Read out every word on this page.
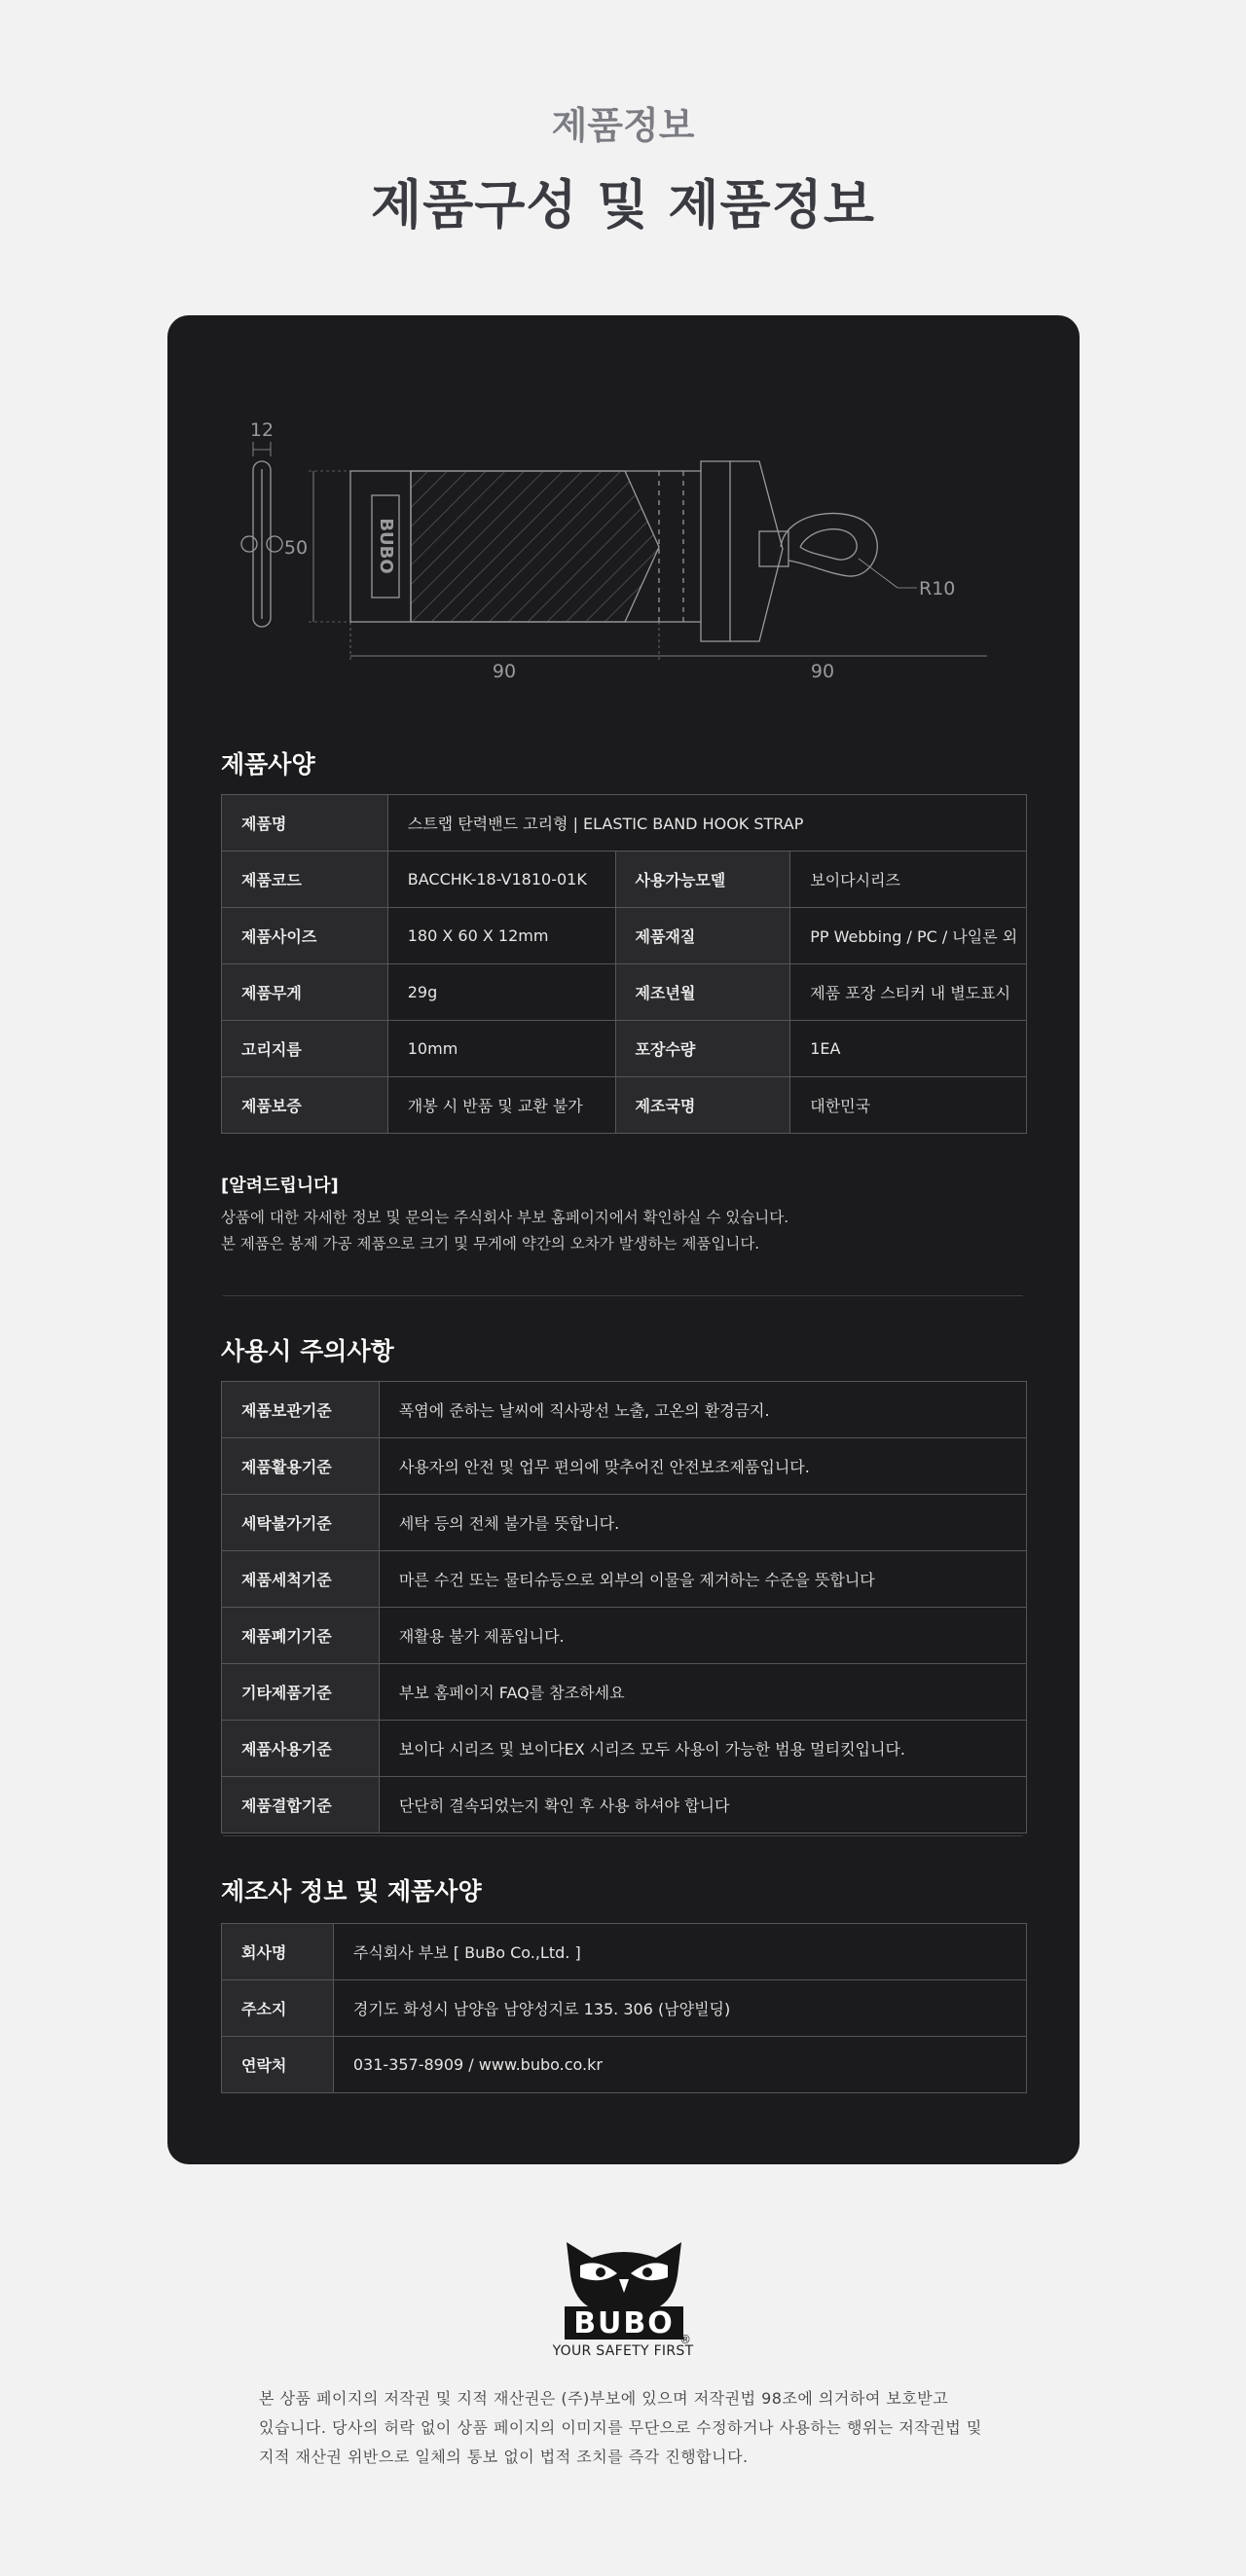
제품정보
제품구성 및 제품정보
BUBO
12
50
90	90
R10
제품사양
제품명	스트랩 탄력밴드 고리형 | ELASTIC BAND HOOK STRAP		
제품코드	BACCHK-18-V1810-01K	사용가능모델	보이다시리즈
제품사이즈	180 X 60 X 12mm	제품재질	PP Webbing / PC / 나일론 외
제품무게	29g	제조년월	제품 포장 스티커 내 별도표시
고리지름	10mm	포장수량	1EA
제품보증	개봉 시 반품 및 교환 불가	제조국명	대한민국
[알려드립니다]
상품에 대한 자세한 정보 및 문의는 주식회사 부보 홈페이지에서 확인하실 수 있습니다.
본 제품은 봉제 가공 제품으로 크기 및 무게에 약간의 오차가 발생하는 제품입니다.
사용시 주의사항
제품보관기준	폭염에 준하는 날씨에 직사광선 노출, 고온의 환경금지.
제품활용기준	사용자의 안전 및 업무 편의에 맞추어진 안전보조제품입니다.
세탁불가기준	세탁 등의 전체 불가를 뜻합니다.
제품세척기준	마른 수건 또는 물티슈등으로 외부의 이물을 제거하는 수준을 뜻합니다
제품폐기기준	재활용 불가 제품입니다.
기타제품기준	부보 홈페이지 FAQ를 참조하세요
제품사용기준	보이다 시리즈 및 보이다EX 시리즈 모두 사용이 가능한 범용 멀티킷입니다.
제품결합기준	단단히 결속되었는지 확인 후 사용 하셔야 합니다
제조사 정보 및 제품사양
회사명	주식회사 부보 [ BuBo Co.,Ltd. ]
주소지	경기도 화성시 남양읍 남양성지로 135. 306 (남양빌딩)
연락처	031-357-8909 / www.bubo.co.kr
BUBO ®
YOUR SAFETY FIRST
본 상품 페이지의 저작권 및 지적 재산권은 (주)부보에 있으며 저작권법 98조에 의거하여 보호받고
있습니다. 당사의 허락 없이 상품 페이지의 이미지를 무단으로 수정하거나 사용하는 행위는 저작권법 및
지적 재산권 위반으로 일체의 통보 없이 법적 조치를 즉각 진행합니다.
